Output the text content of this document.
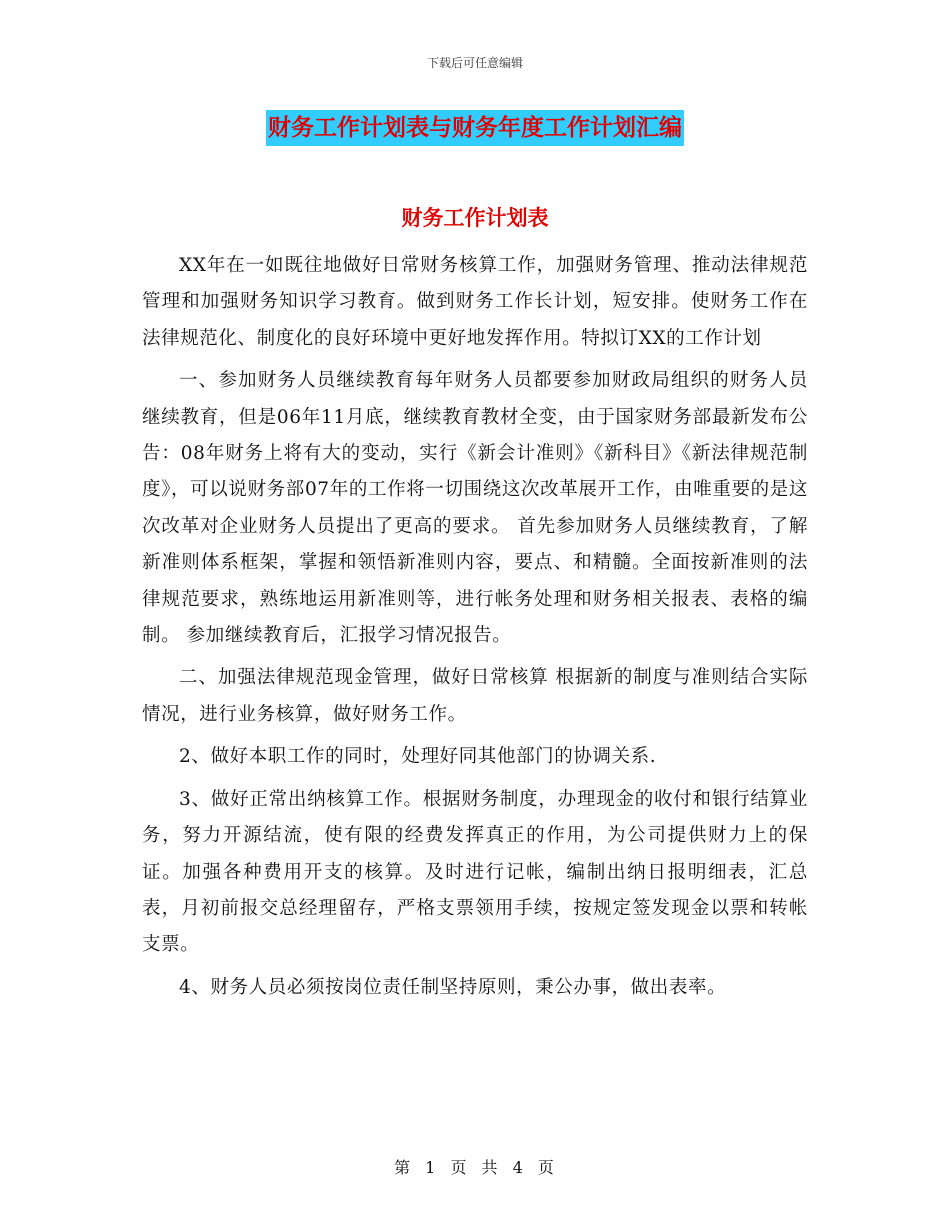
下载后可任意编辑
财务工作计划表与财务年度工作计划汇编
财务工作计划表

XX年在一如既往地做好日常财务核算工作，加强财务管理、推动法律规范管理和加强财务知识学习教育。做到财务工作长计划，短安排。使财务工作在法律规范化、制度化的良好环境中更好地发挥作用。特拟订XX的工作计划

一、参加财务人员继续教育每年财务人员都要参加财政局组织的财务人员继续教育，但是06年11月底，继续教育教材全变，由于国家财务部最新发布公告：08年财务上将有大的变动，实行《新会计准则》《新科目》《新法律规范制度》，可以说财务部07年的工作将一切围绕这次改革展开工作，由唯重要的是这次改革对企业财务人员提出了更高的要求。 首先参加财务人员继续教育，了解新准则体系框架，掌握和领悟新准则内容，要点、和精髓。全面按新准则的法律规范要求，熟练地运用新准则等，进行帐务处理和财务相关报表、表格的编制。 参加继续教育后，汇报学习情况报告。

二、加强法律规范现金管理，做好日常核算 根据新的制度与准则结合实际情况，进行业务核算，做好财务工作。

2、做好本职工作的同时，处理好同其他部门的协调关系.

3、做好正常出纳核算工作。根据财务制度，办理现金的收付和银行结算业务，努力开源结流，使有限的经费发挥真正的作用，为公司提供财力上的保证。加强各种费用开支的核算。及时进行记帐，编制出纳日报明细表，汇总表，月初前报交总经理留存，严格支票领用手续，按规定签发现金以票和转帐支票。

4、财务人员必须按岗位责任制坚持原则，秉公办事，做出表率。

第 1 页 共 4 页
